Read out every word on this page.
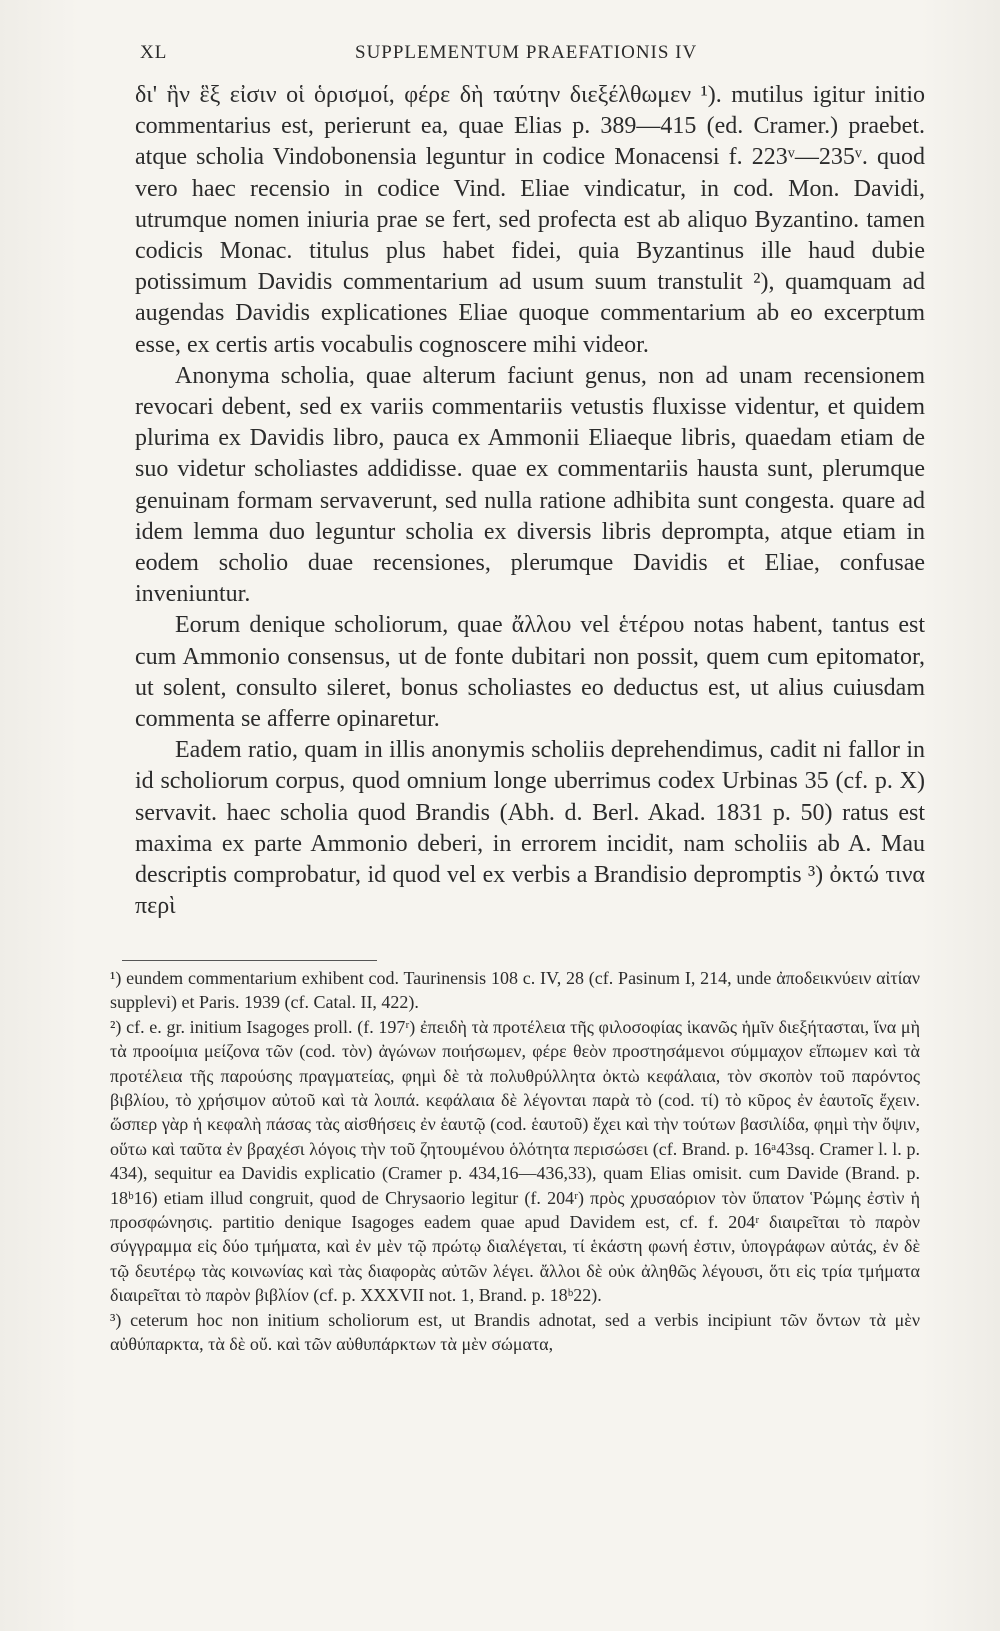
XL	SUPPLEMENTUM PRAEFATIONIS IV

δι' ἣν ἓξ εἰσιν οἱ ὁρισμοί, φέρε δὴ ταύτην διεξέλθωμεν ¹). mutilus igitur initio commentarius est, perierunt ea, quae Elias p. 389—415 (ed. Cramer.) praebet. atque scholia Vindobonensia leguntur in codice Monacensi f. 223ᵛ—235ᵛ. quod vero haec recensio in codice Vind. Eliae vindicatur, in cod. Mon. Davidi, utrumque nomen iniuria prae se fert, sed profecta est ab aliquo Byzantino. tamen codicis Monac. titulus plus habet fidei, quia Byzantinus ille haud dubie potissimum Davidis commentarium ad usum suum transtulit ²), quamquam ad augendas Davidis explicationes Eliae quoque commentarium ab eo excerptum esse, ex certis artis vocabulis cognoscere mihi videor.

Anonyma scholia, quae alterum faciunt genus, non ad unam recensionem revocari debent, sed ex variis commentariis vetustis fluxisse videntur, et quidem plurima ex Davidis libro, pauca ex Ammonii Eliaeque libris, quaedam etiam de suo videtur scholiastes addidisse. quae ex commentariis hausta sunt, plerumque genuinam formam servaverunt, sed nulla ratione adhibita sunt congesta. quare ad idem lemma duo leguntur scholia ex diversis libris deprompta, atque etiam in eodem scholio duae recensiones, plerumque Davidis et Eliae, confusae inveniuntur.

Eorum denique scholiorum, quae ἄλλου vel ἑτέρου notas habent, tantus est cum Ammonio consensus, ut de fonte dubitari non possit, quem cum epitomator, ut solent, consulto sileret, bonus scholiastes eo deductus est, ut alius cuiusdam commenta se afferre opinaretur.

Eadem ratio, quam in illis anonymis scholiis deprehendimus, cadit ni fallor in id scholiorum corpus, quod omnium longe uberrimus codex Urbinas 35 (cf. p. X) servavit. haec scholia quod Brandis (Abh. d. Berl. Akad. 1831 p. 50) ratus est maxima ex parte Ammonio deberi, in errorem incidit, nam scholiis ab A. Mau descriptis comprobatur, id quod vel ex verbis a Brandisio depromptis ³) ὀκτώ τινα περὶ

¹) eundem commentarium exhibent cod. Taurinensis 108 c. IV, 28 (cf. Pasinum I, 214, unde ἀποδεικνύειν αἰτίαν supplevi) et Paris. 1939 (cf. Catal. II, 422).

²) cf. e. gr. initium Isagoges proll. (f. 197ʳ) ἐπειδὴ τὰ προτέλεια τῆς φιλοσοφίας ἱκανῶς ἡμῖν διεξήτασται, ἵνα μὴ τὰ προοίμια μείζονα τῶν (cod. τὸν) ἀγώνων ποιήσωμεν, φέρε θεὸν προστησάμενοι σύμμαχον εἴπωμεν καὶ τὰ προτέλεια τῆς παρούσης πραγματείας, φημὶ δὲ τὰ πολυθρύλλητα ὀκτὼ κεφάλαια, τὸν σκοπὸν τοῦ παρόντος βιβλίου, τὸ χρήσιμον αὐτοῦ καὶ τὰ λοιπά. κεφάλαια δὲ λέγονται παρὰ τὸ (cod. τί) τὸ κῦρος ἐν ἑαυτοῖς ἔχειν. ὥσπερ γὰρ ἡ κεφαλὴ πάσας τὰς αἰσθήσεις ἐν ἑαυτῷ (cod. ἑαυτοῦ) ἔχει καὶ τὴν τούτων βασιλίδα, φημὶ τὴν ὄψιν, οὕτω καὶ ταῦτα ἐν βραχέσι λόγοις τὴν τοῦ ζητουμένου ὁλότητα περισώσει (cf. Brand. p. 16ᵃ43sq. Cramer l. l. p. 434), sequitur ea Davidis explicatio (Cramer p. 434,16—436,33), quam Elias omisit. cum Davide (Brand. p. 18ᵇ16) etiam illud congruit, quod de Chrysaorio legitur (f. 204ʳ) πρὸς χρυσαόριον τὸν ὕπατον Ῥώμης ἐστὶν ἡ προσφώνησις. partitio denique Isagoges eadem quae apud Davidem est, cf. f. 204ʳ διαιρεῖται τὸ παρὸν σύγγραμμα εἰς δύο τμήματα, καὶ ἐν μὲν τῷ πρώτῳ διαλέγεται, τί ἑκάστη φωνή ἐστιν, ὑπογράφων αὐτάς, ἐν δὲ τῷ δευτέρῳ τὰς κοινωνίας καὶ τὰς διαφορὰς αὐτῶν λέγει. ἄλλοι δὲ οὐκ ἀληθῶς λέγουσι, ὅτι εἰς τρία τμήματα διαιρεῖται τὸ παρὸν βιβλίον (cf. p. XXXVII not. 1, Brand. p. 18ᵇ22).

³) ceterum hoc non initium scholiorum est, ut Brandis adnotat, sed a verbis incipiunt τῶν ὄντων τὰ μὲν αὐθύπαρκτα, τὰ δὲ οὔ. καὶ τῶν αὐθυπάρκτων τὰ μὲν σώματα,
